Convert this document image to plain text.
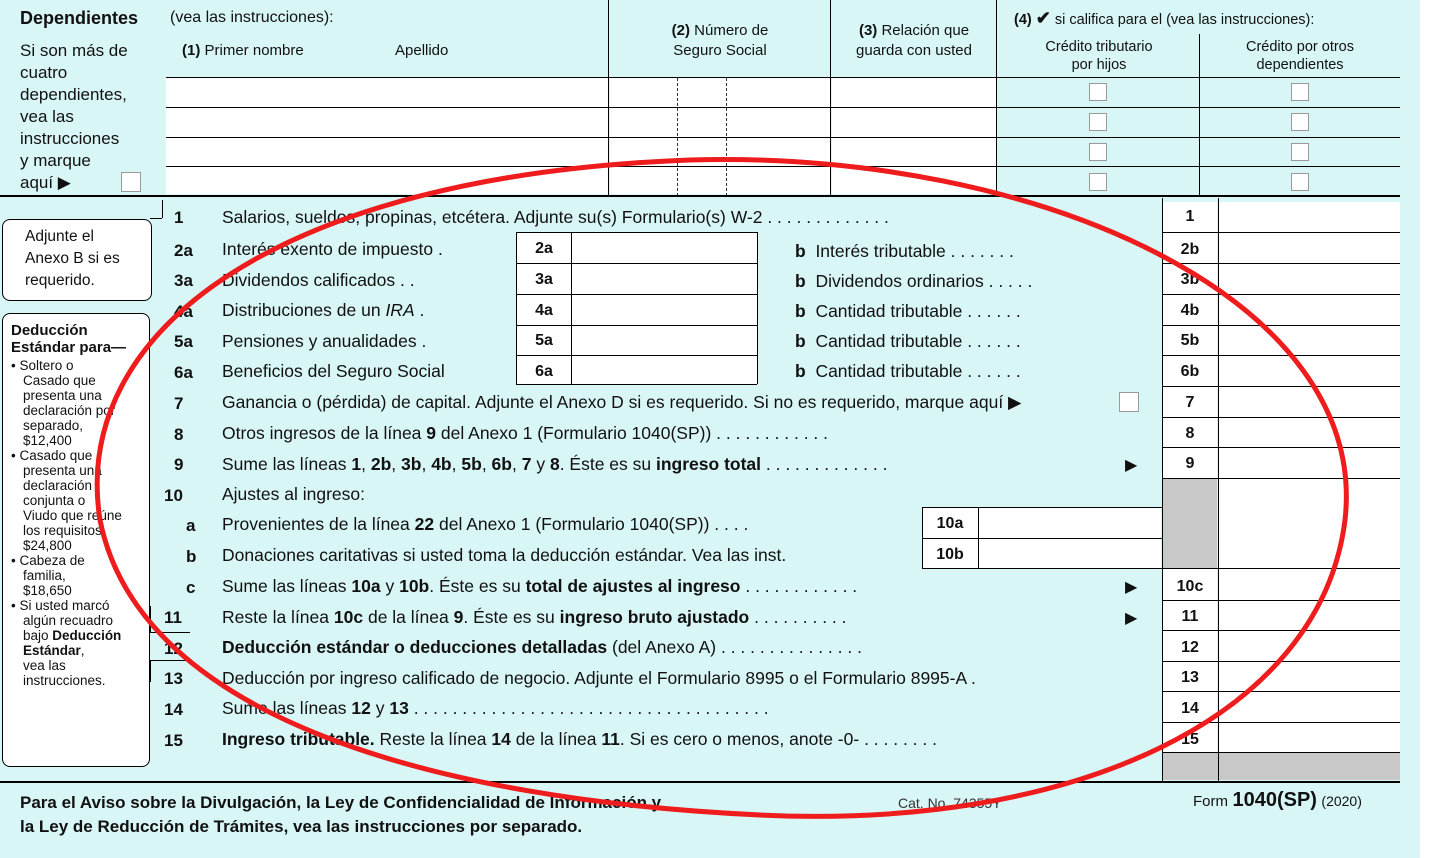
Dependientes (vea las instrucciones):
(1) Primer nombre	Apellido
(2) Número de
Seguro Social
(3) Relación que
guarda con usted
(4) ✔ si califica para el (vea las instrucciones):
Crédito tributario
por hijos
Crédito por otros
dependientes
Si son más de
cuatro
dependientes,
vea las
instrucciones
y marque
aquí ▶
Adjunte el
Anexo B si es
requerido.
Deducción
Estándar para—
• Soltero o
Casado que
presenta una
declaración por
separado,
$12,400
• Casado que
presenta una
declaración
conjunta o
Viudo que reúne
los requisitos,
$24,800
• Cabeza de
familia,
$18,650
• Si usted marcó
algún recuadro
bajo Deducción
Estándar,
vea las
instrucciones.
1 Salarios, sueldos, propinas, etcétera. Adjunte su(s) Formulario(s) W-2 . . . . . . . . . . . . .	1
2a Interés exento de impuesto .	2a	b Interés tributable . . . . . . .	2b
3a Dividendos calificados . .	3a	b Dividendos ordinarios . . . . .	3b
4a Distribuciones de un IRA .	4a	b Cantidad tributable . . . . . .	4b
5a Pensiones y anualidades .	5a	b Cantidad tributable . . . . . .	5b
6a Beneficios del Seguro Social	6a	b Cantidad tributable . . . . . .	6b
7 Ganancia o (pérdida) de capital. Adjunte el Anexo D si es requerido. Si no es requerido, marque aquí ▶	7
8 Otros ingresos de la línea 9 del Anexo 1 (Formulario 1040(SP)) . . . . . . . . . . . .	8
9 Sume las líneas 1, 2b, 3b, 4b, 5b, 6b, 7 y 8. Éste es su ingreso total . . . . . . . . . . . . .	▶	9
10 Ajustes al ingreso:
a Provenientes de la línea 22 del Anexo 1 (Formulario 1040(SP)) . . . .	10a
b Donaciones caritativas si usted toma la deducción estándar. Vea las inst.	10b
c Sume las líneas 10a y 10b. Éste es su total de ajustes al ingreso . . . . . . . . . . . .	▶	10c
11 Reste la línea 10c de la línea 9. Éste es su ingreso bruto ajustado . . . . . . . . . .	▶	11
12 Deducción estándar o deducciones detalladas (del Anexo A) . . . . . . . . . . . . . . .	12
13 Deducción por ingreso calificado de negocio. Adjunte el Formulario 8995 o el Formulario 8995-A .	13
14 Sume las líneas 12 y 13 . . . . . . . . . . . . . . . . . . . . . . . . . . . . . . . . . . . . .	14
15 Ingreso tributable. Reste la línea 14 de la línea 11. Si es cero o menos, anote -0- . . . . . . . .	15
Para el Aviso sobre la Divulgación, la Ley de Confidencialidad de Información y
la Ley de Reducción de Trámites, vea las instrucciones por separado.
Cat. No. 74355Y	Form 1040(SP) (2020)
